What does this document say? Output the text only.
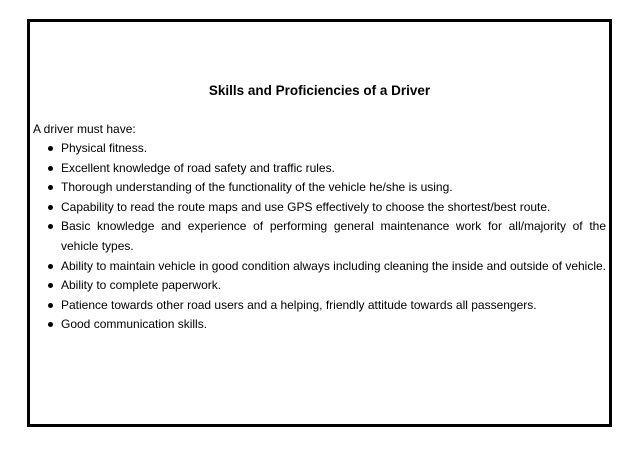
Skills and Proficiencies of a Driver
A driver must have:
Physical fitness.
Excellent knowledge of road safety and traffic rules.
Thorough understanding of the functionality of the vehicle he/she is using.
Capability to read the route maps and use GPS effectively to choose the shortest/best route.
Basic knowledge and experience of performing general maintenance work for all/majority of the vehicle types.
Ability to maintain vehicle in good condition always including cleaning the inside and outside of vehicle.
Ability to complete paperwork.
Patience towards other road users and a helping, friendly attitude towards all passengers.
Good communication skills.
